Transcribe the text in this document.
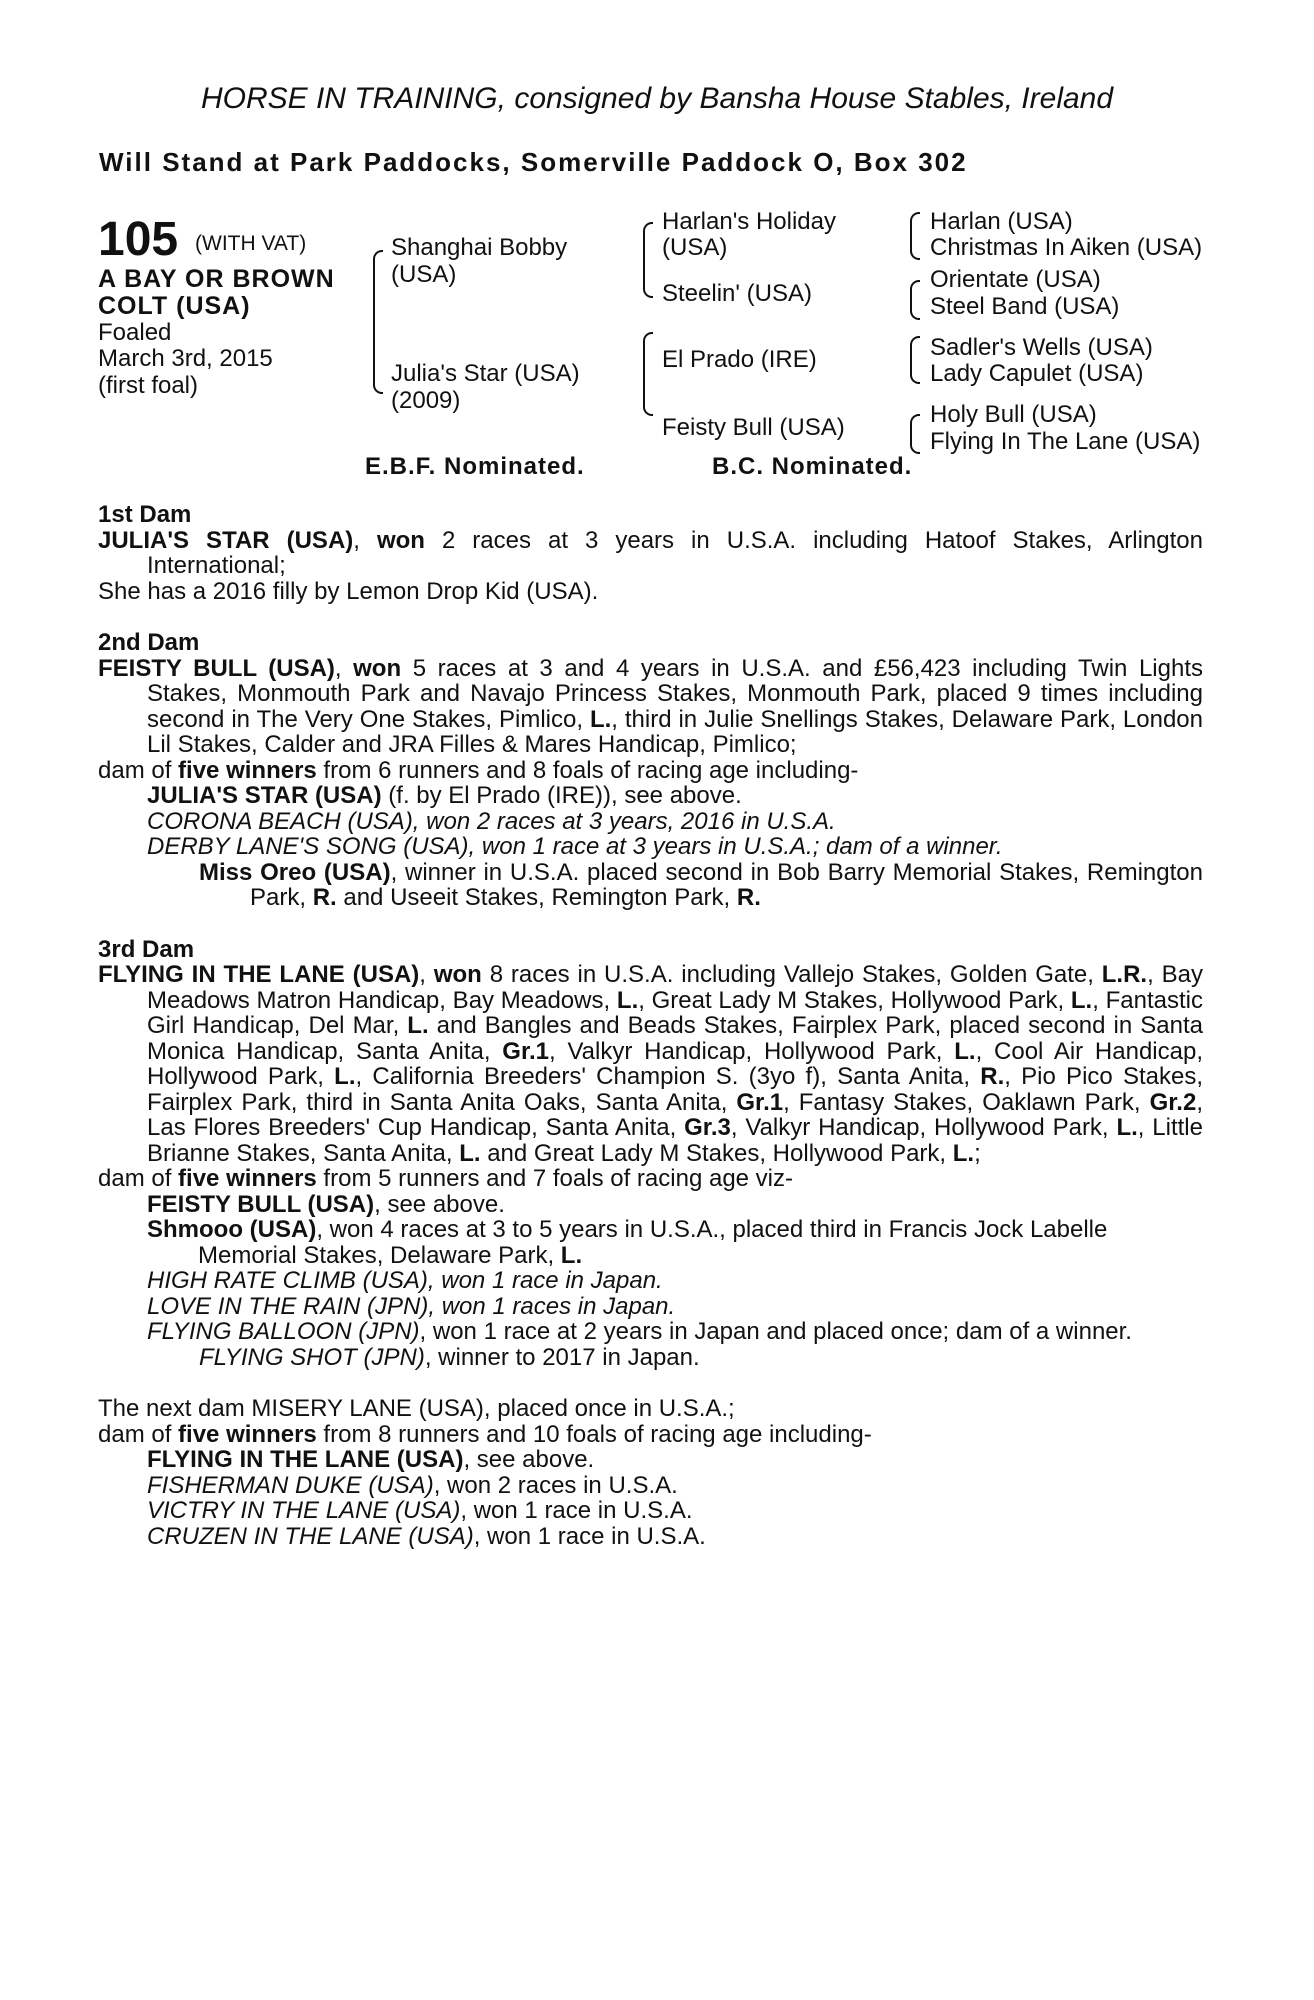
HORSE IN TRAINING, consigned by Bansha House Stables, Ireland
Will Stand at Park Paddocks, Somerville Paddock O, Box 302
105 (WITH VAT)
A BAY OR BROWN
COLT (USA)
Foaled
March 3rd, 2015
(first foal)
Shanghai Bobby
(USA)
Julia's Star (USA)
(2009)
Harlan's Holiday
(USA)
Steelin' (USA)
El Prado (IRE)
Feisty Bull (USA)
Harlan (USA)
Christmas In Aiken (USA)
Orientate (USA)
Steel Band (USA)
Sadler's Wells (USA)
Lady Capulet (USA)
Holy Bull (USA)
Flying In The Lane (USA)
E.B.F. Nominated.	B.C. Nominated.
1st Dam
JULIA'S STAR (USA), won 2 races at 3 years in U.S.A. including Hatoof Stakes, Arlington International;
She has a 2016 filly by Lemon Drop Kid (USA).
2nd Dam
FEISTY BULL (USA), won 5 races at 3 and 4 years in U.S.A. and £56,423 including Twin Lights Stakes, Monmouth Park and Navajo Princess Stakes, Monmouth Park, placed 9 times including second in The Very One Stakes, Pimlico, L., third in Julie Snellings Stakes, Delaware Park, London Lil Stakes, Calder and JRA Filles & Mares Handicap, Pimlico;
dam of five winners from 6 runners and 8 foals of racing age including-
JULIA'S STAR (USA) (f. by El Prado (IRE)), see above.
CORONA BEACH (USA), won 2 races at 3 years, 2016 in U.S.A.
DERBY LANE'S SONG (USA), won 1 race at 3 years in U.S.A.; dam of a winner.
Miss Oreo (USA), winner in U.S.A. placed second in Bob Barry Memorial Stakes, Remington Park, R. and Useeit Stakes, Remington Park, R.
3rd Dam
FLYING IN THE LANE (USA), won 8 races in U.S.A. including Vallejo Stakes, Golden Gate, L.R., Bay Meadows Matron Handicap, Bay Meadows, L., Great Lady M Stakes, Hollywood Park, L., Fantastic Girl Handicap, Del Mar, L. and Bangles and Beads Stakes, Fairplex Park, placed second in Santa Monica Handicap, Santa Anita, Gr.1, Valkyr Handicap, Hollywood Park, L., Cool Air Handicap, Hollywood Park, L., California Breeders' Champion S. (3yo f), Santa Anita, R., Pio Pico Stakes, Fairplex Park, third in Santa Anita Oaks, Santa Anita, Gr.1, Fantasy Stakes, Oaklawn Park, Gr.2, Las Flores Breeders' Cup Handicap, Santa Anita, Gr.3, Valkyr Handicap, Hollywood Park, L., Little Brianne Stakes, Santa Anita, L. and Great Lady M Stakes, Hollywood Park, L.;
dam of five winners from 5 runners and 7 foals of racing age viz-
FEISTY BULL (USA), see above.
Shmooo (USA), won 4 races at 3 to 5 years in U.S.A., placed third in Francis Jock Labelle Memorial Stakes, Delaware Park, L.
HIGH RATE CLIMB (USA), won 1 race in Japan.
LOVE IN THE RAIN (JPN), won 1 races in Japan.
FLYING BALLOON (JPN), won 1 race at 2 years in Japan and placed once; dam of a winner.
FLYING SHOT (JPN), winner to 2017 in Japan.
The next dam MISERY LANE (USA), placed once in U.S.A.;
dam of five winners from 8 runners and 10 foals of racing age including-
FLYING IN THE LANE (USA), see above.
FISHERMAN DUKE (USA), won 2 races in U.S.A.
VICTRY IN THE LANE (USA), won 1 race in U.S.A.
CRUZEN IN THE LANE (USA), won 1 race in U.S.A.
